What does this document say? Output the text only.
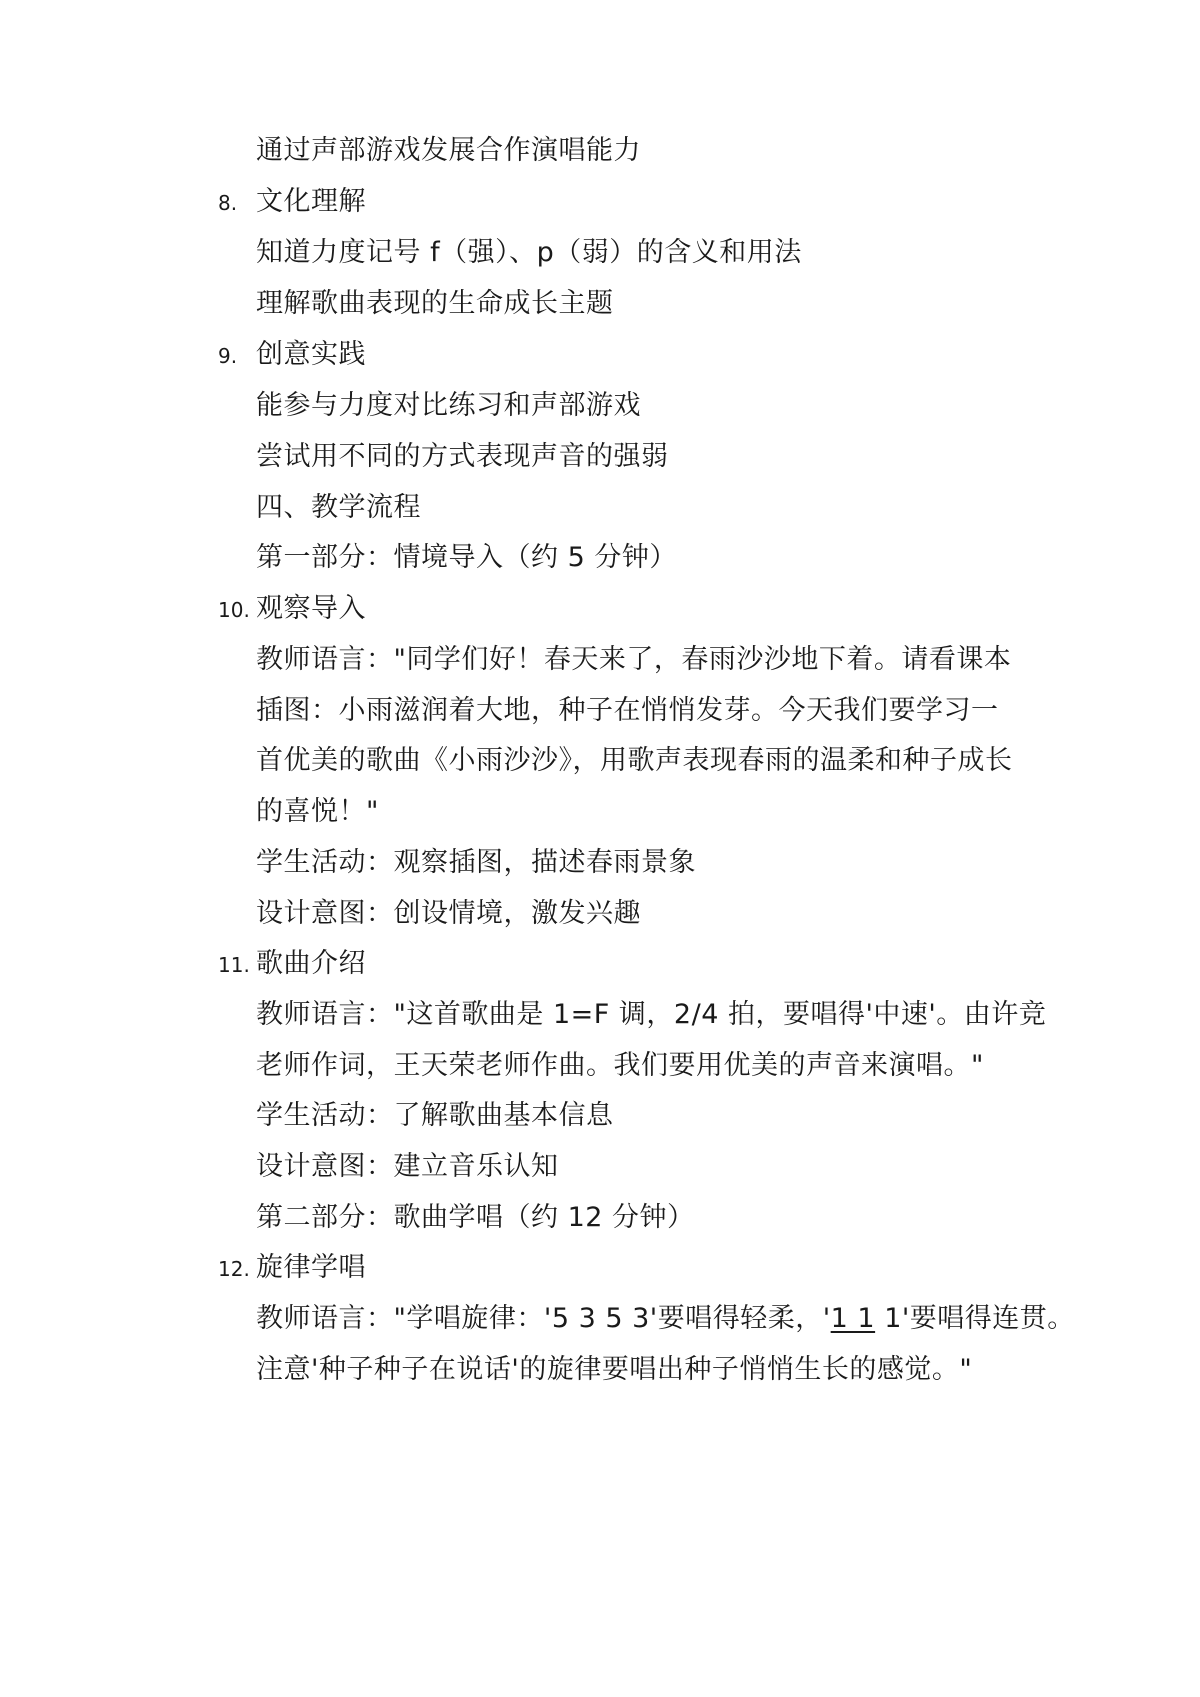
通过声部游戏发展合作演唱能力
8. 文化理解
知道力度记号 f（强）、p（弱）的含义和用法
理解歌曲表现的生命成长主题
9. 创意实践
能参与力度对比练习和声部游戏
尝试用不同的方式表现声音的强弱
四、教学流程
第一部分：情境导入（约 5 分钟）
10. 观察导入
教师语言："同学们好！春天来了，春雨沙沙地下着。请看课本
插图：小雨滋润着大地，种子在悄悄发芽。今天我们要学习一
首优美的歌曲《小雨沙沙》，用歌声表现春雨的温柔和种子成长
的喜悦！"
学生活动：观察插图，描述春雨景象
设计意图：创设情境，激发兴趣
11. 歌曲介绍
教师语言："这首歌曲是 1=F 调，2/4 拍，要唱得'中速'。由许竞
老师作词，王天荣老师作曲。我们要用优美的声音来演唱。"
学生活动：了解歌曲基本信息
设计意图：建立音乐认知
第二部分：歌曲学唱（约 12 分钟）
12. 旋律学唱
教师语言："学唱旋律：'5 3 5 3'要唱得轻柔，'1 1 1'要唱得连贯。
注意'种子种子在说话'的旋律要唱出种子悄悄生长的感觉。"
